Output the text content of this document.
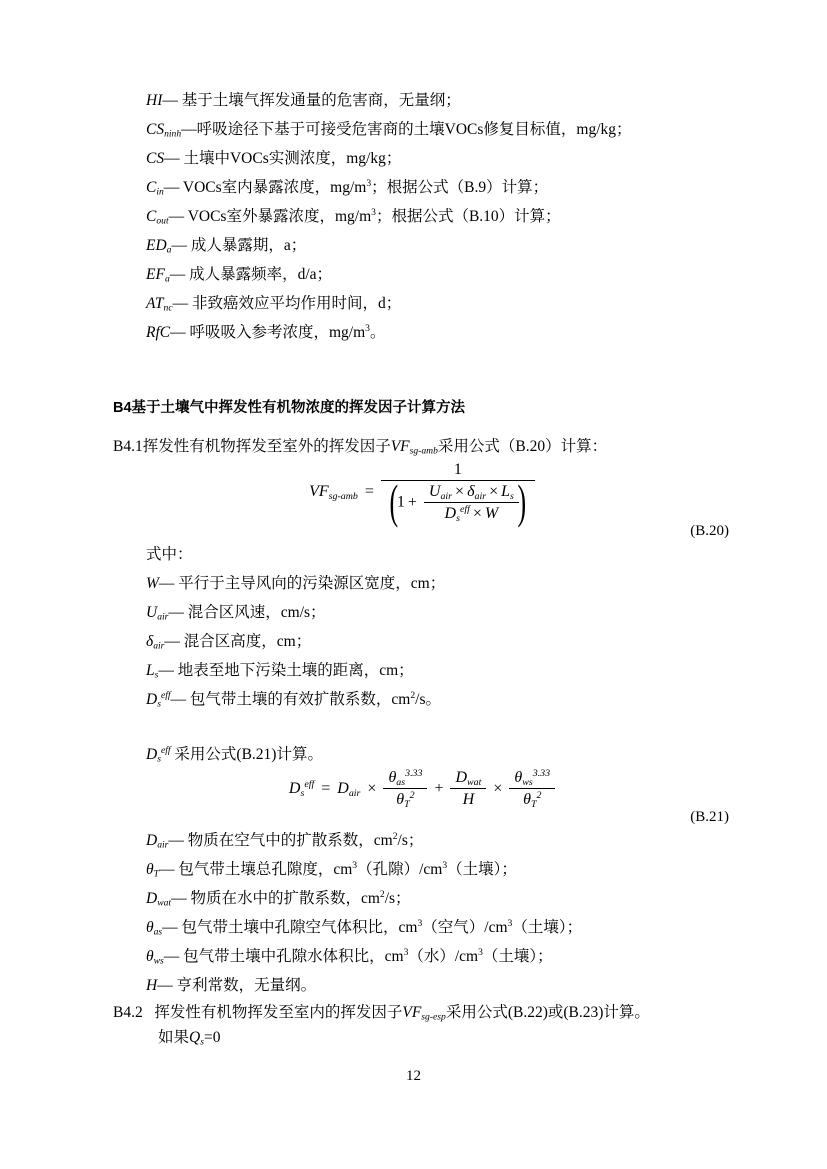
HI— 基于土壤气挥发通量的危害商，无量纲；
$CS_{ninh}—$呼吸途径下基于可接受危害商的土壤VOCs修复目标值，mg/kg；
CS— 土壤中VOCs实测浓度，mg/kg；
$C_{in}—$ VOCs室内暴露浓度，$mg/m^3$；根据公式（B.9）计算；
$C_{out}—$ VOCs室外暴露浓度，$mg/m^3$；根据公式（B.10）计算；
$ED_a—$ 成人暴露期，a；
$EF_a—$ 成人暴露频率，d/a；
$AT_{nc}—$ 非致癌效应平均作用时间，d；
RfC— 呼吸吸入参考浓度，$mg/m^3$。
B4基于土壤气中挥发性有机物浓度的挥发因子计算方法
B4.1挥发性有机物挥发至室外的挥发因子$VF_{sg-amb}$采用公式（B.20）计算：
$VF_{sg-amb}$ =
1
( $1 + \frac{U_{air} \times \delta_{air} \times L_s}{D_s^{eff} \times W}$
)
(B.20)
式中：
W— 平行于主导风向的污染源区宽度，cm；
$U_{air}—$ 混合区风速，cm/s；
$\delta_{air}—$ 混合区高度，cm；
$L_s—$ 地表至地下污染土壤的距离，cm；
$D_s^{eff}—$ 包气带土壤的有效扩散系数，$cm^2/s$。
$D_s^{eff}$ 采用公式(B.21)计算。
$D_s^{eff} = D_{air} \times \frac{\theta_{as}^{3.33}}{\theta_T^2} + \frac{D_{wat}}{H} \times \frac{\theta_{ws}^{3.33}}{\theta_T^2}$
(B.21)
$D_{air}—$ 物质在空气中的扩散系数，$cm^2/s$；
$\theta_T—$ 包气带土壤总孔隙度，$cm^3$（孔隙）$/cm^3$（土壤）；
$D_{wat}—$ 物质在水中的扩散系数，$cm^2/s$；
$\theta_{as}—$ 包气带土壤中孔隙空气体积比，$cm^3$（空气）$/cm^3$（土壤）；
$\theta_{ws}—$ 包气带土壤中孔隙水体积比，$cm^3$（水）$/cm^3$（土壤）；
H— 亨利常数，无量纲。
B4.2 挥发性有机物挥发至室内的挥发因子$VF_{sg-esp}$采用公式(B.22)或(B.23)计算。
如果$Q_s=0$
12
